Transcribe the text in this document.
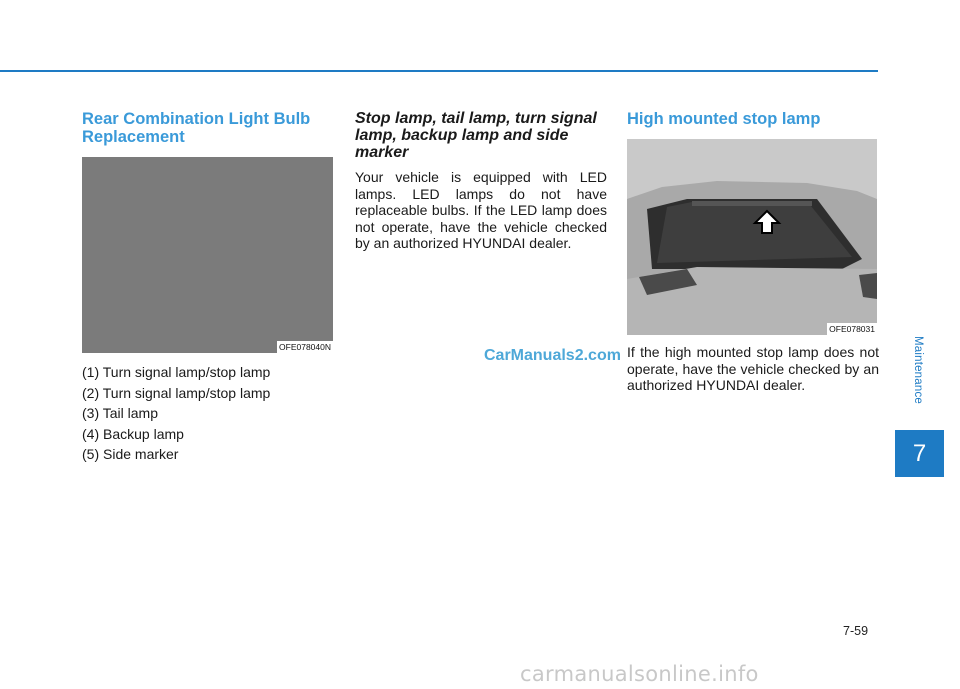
Rear Combination Light Bulb
Replacement
OFE078040N
(1) Turn signal lamp/stop lamp
(2) Turn signal lamp/stop lamp
(3) Tail lamp
(4) Backup lamp
(5) Side marker
Stop lamp, tail lamp, turn signal
lamp, backup lamp and side
marker

Your vehicle is equipped with LED lamps. LED lamps do not have replaceable bulbs. If the LED lamp does not operate, have the vehicle checked by an authorized HYUNDAI dealer.

High mounted stop lamp
OFE078031

If the high mounted stop lamp does not operate, have the vehicle checked by an authorized HYUNDAI dealer.

CarManuals2.com	Maintenance
7
7-59
carmanualsonline.info
